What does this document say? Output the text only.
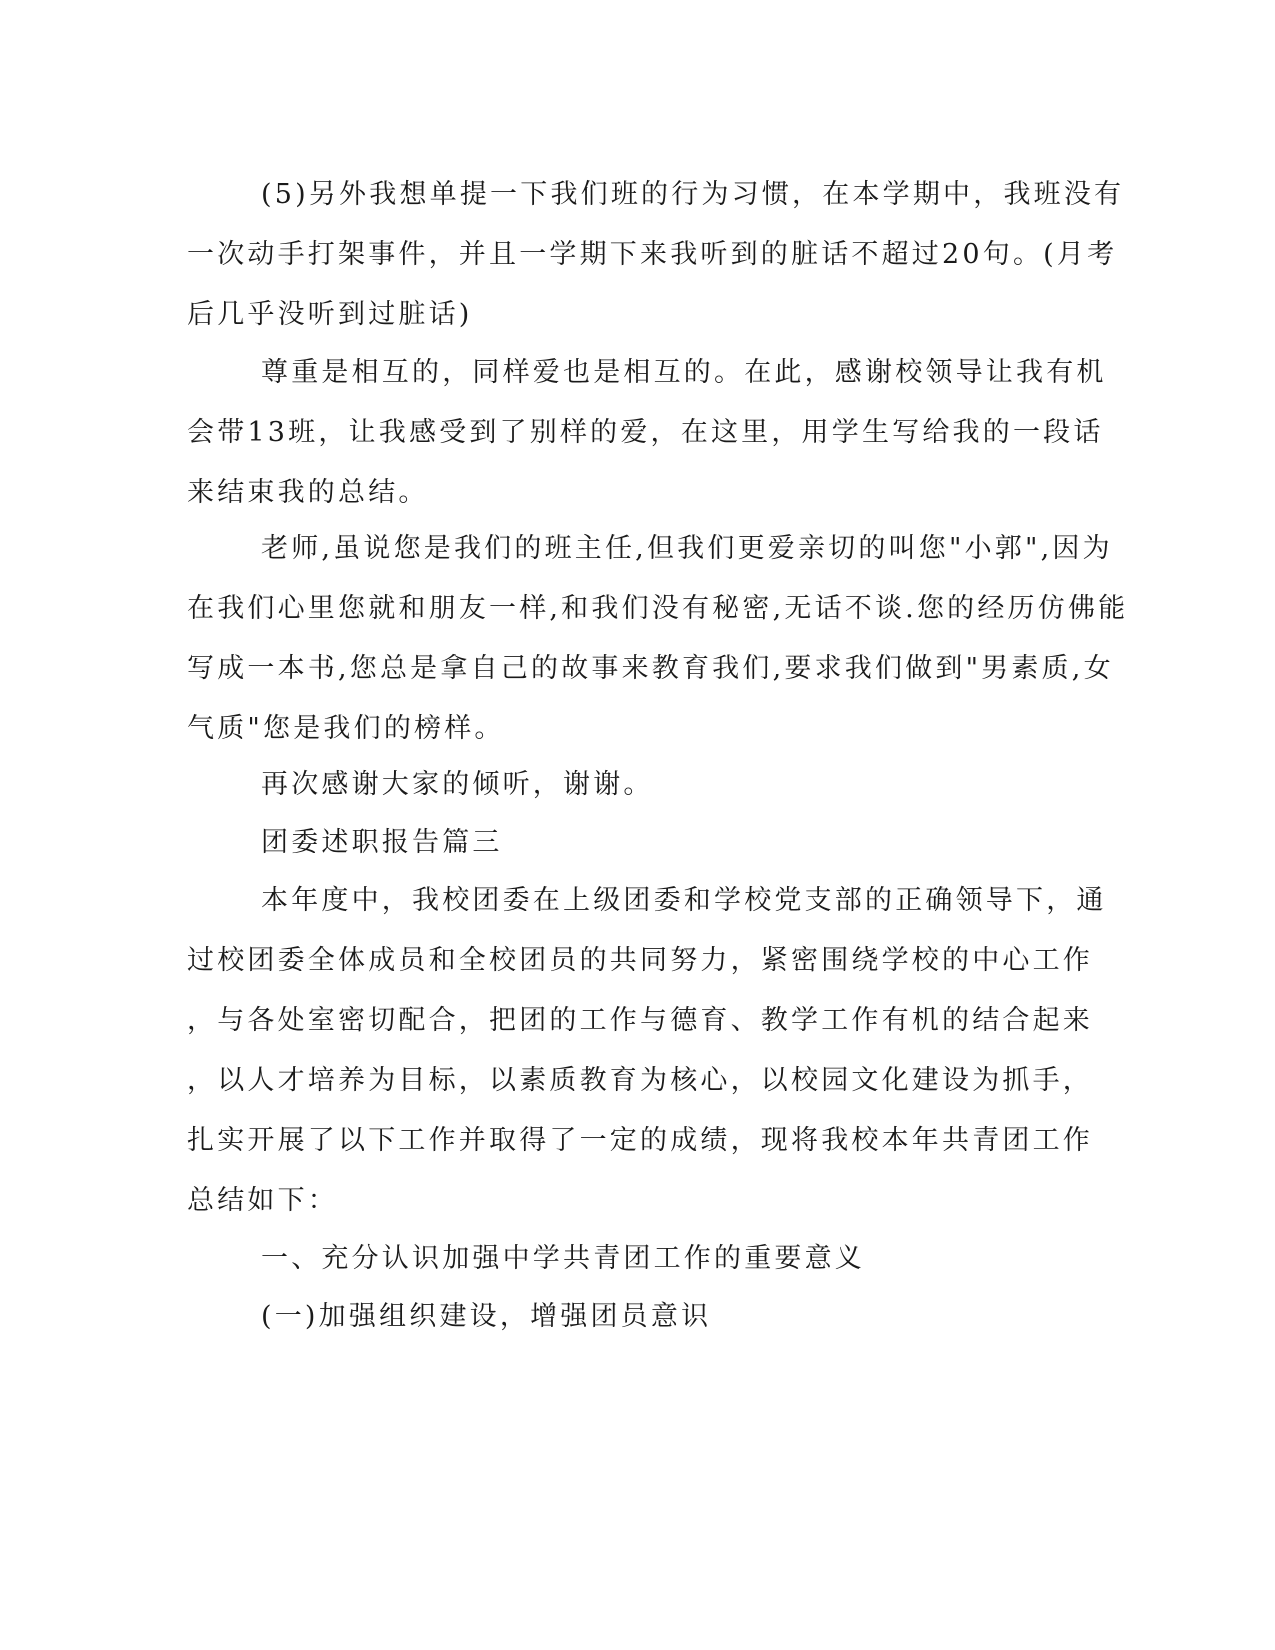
(5)另外我想单提一下我们班的行为习惯，在本学期中，我班没有
一次动手打架事件，并且一学期下来我听到的脏话不超过20句。(月考
后几乎没听到过脏话)
尊重是相互的，同样爱也是相互的。在此，感谢校领导让我有机
会带13班，让我感受到了别样的爱，在这里，用学生写给我的一段话
来结束我的总结。
老师,虽说您是我们的班主任,但我们更爱亲切的叫您"小郭",因为
在我们心里您就和朋友一样,和我们没有秘密,无话不谈.您的经历仿佛能
写成一本书,您总是拿自己的故事来教育我们,要求我们做到"男素质,女
气质"您是我们的榜样。
再次感谢大家的倾听，谢谢。
团委述职报告篇三
本年度中，我校团委在上级团委和学校党支部的正确领导下，通
过校团委全体成员和全校团员的共同努力，紧密围绕学校的中心工作
，与各处室密切配合，把团的工作与德育、教学工作有机的结合起来
，以人才培养为目标，以素质教育为核心，以校园文化建设为抓手，
扎实开展了以下工作并取得了一定的成绩，现将我校本年共青团工作
总结如下：
一、充分认识加强中学共青团工作的重要意义
(一)加强组织建设，增强团员意识
